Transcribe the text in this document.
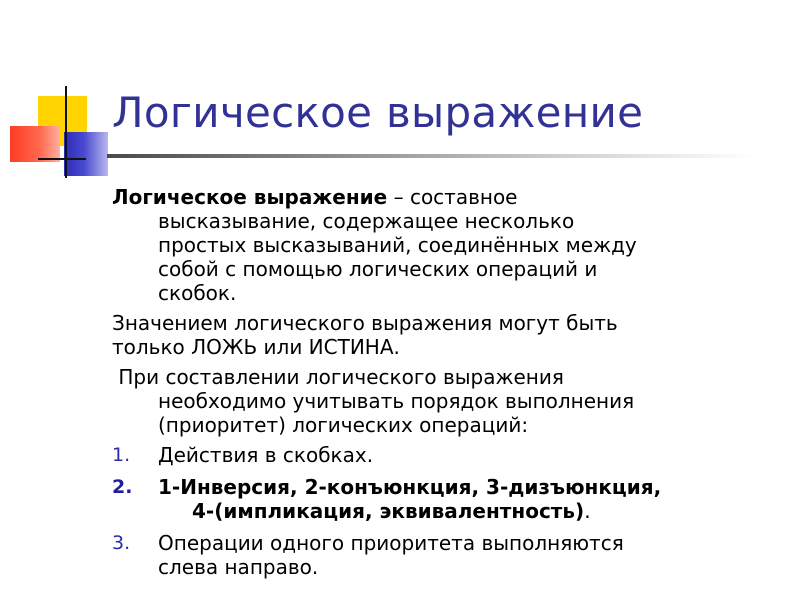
Логическое выражение

Логическое выражение – составное
высказывание, содержащее несколько
простых высказываний, соединённых между
собой с помощью логических операций и
скобок.

Значением логического выражения могут быть
только ЛОЖЬ или ИСТИНА.

При составлении логического выражения
необходимо учитывать порядок выполнения
(приоритет) логических операций:

1. Действия в скобках.
2. 1-Инверсия, 2-конъюнкция, 3-дизъюнкция,
4-(импликация, эквивалентность).
3. Операции одного приоритета выполняются
слева направо.
